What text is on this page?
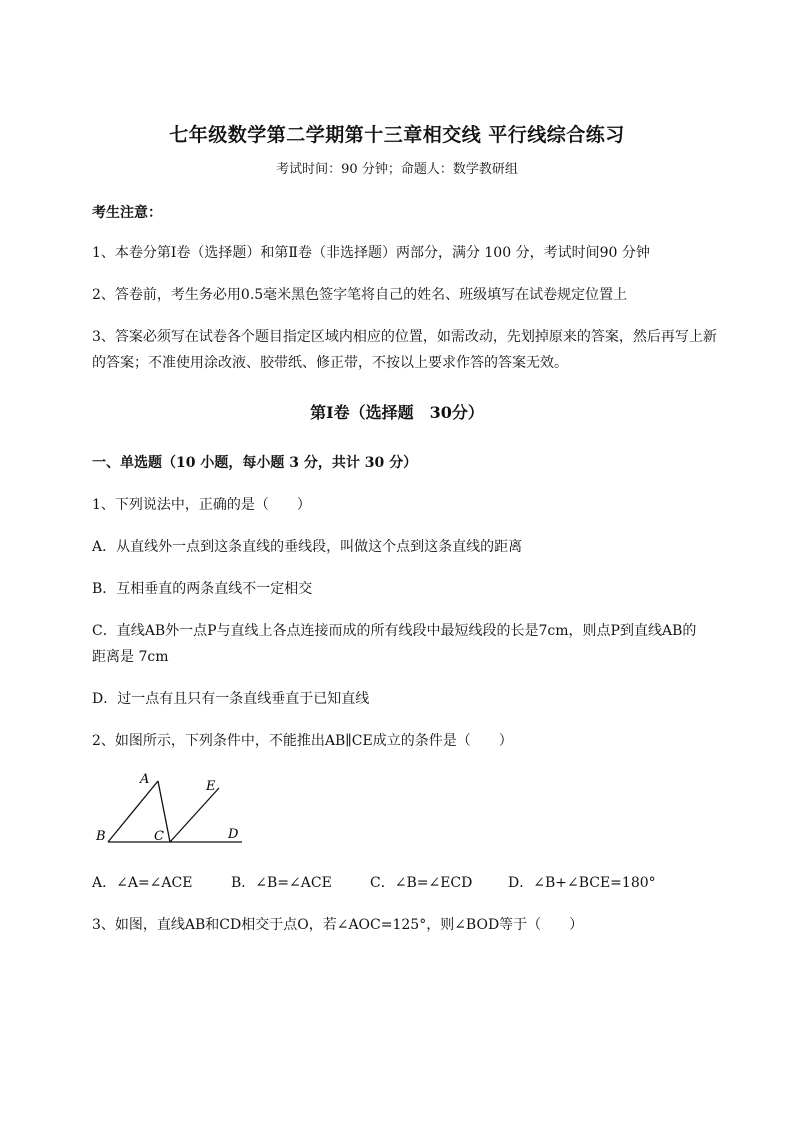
七年级数学第二学期第十三章相交线 平行线综合练习
考试时间：90 分钟；命题人：数学教研组
考生注意：
1、本卷分第Ⅰ卷（选择题）和第Ⅱ卷（非选择题）两部分，满分 100 分，考试时间90 分钟
2、答卷前，考生务必用0.5毫米黑色签字笔将自己的姓名、班级填写在试卷规定位置上
3、答案必须写在试卷各个题目指定区域内相应的位置，如需改动，先划掉原来的答案，然后再写上新
的答案；不准使用涂改液、胶带纸、修正带，不按以上要求作答的答案无效。
第Ⅰ卷（选择题　30分）
一、单选题（10 小题，每小题 3 分，共计 30 分）
1、下列说法中，正确的是（　　）
A．从直线外一点到这条直线的垂线段，叫做这个点到这条直线的距离
B．互相垂直的两条直线不一定相交
C．直线AB外一点P与直线上各点连接而成的所有线段中最短线段的长是7cm，则点P到直线AB的
距离是 7cm
D．过一点有且只有一条直线垂直于已知直线
2、如图所示，下列条件中，不能推出AB∥CE成立的条件是（　　）
A
B	C	D
E
A．∠A=∠ACE	B．∠B=∠ACE	C．∠B=∠ECD	D．∠B+∠BCE=180°
3、如图，直线AB和CD相交于点O，若∠AOC=125°，则∠BOD等于（　　）
